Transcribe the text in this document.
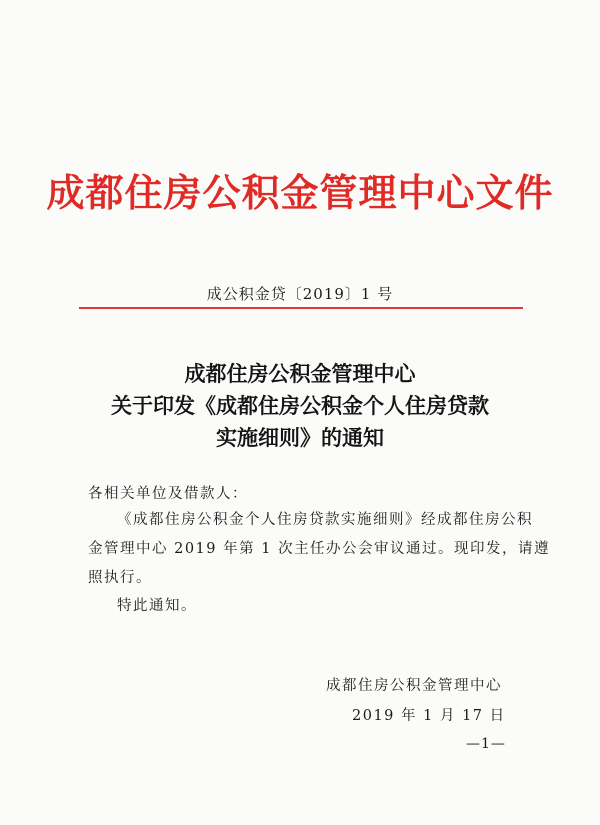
成都住房公积金管理中心文件
成公积金贷〔2019〕1 号
成都住房公积金管理中心
关于印发《成都住房公积金个人住房贷款
实施细则》的通知
各相关单位及借款人：
《成都住房公积金个人住房贷款实施细则》经成都住房公积
金管理中心 2019 年第 1 次主任办公会审议通过。现印发，请遵
照执行。
特此通知。
成都住房公积金管理中心
2019 年 1 月 17 日
—1—
